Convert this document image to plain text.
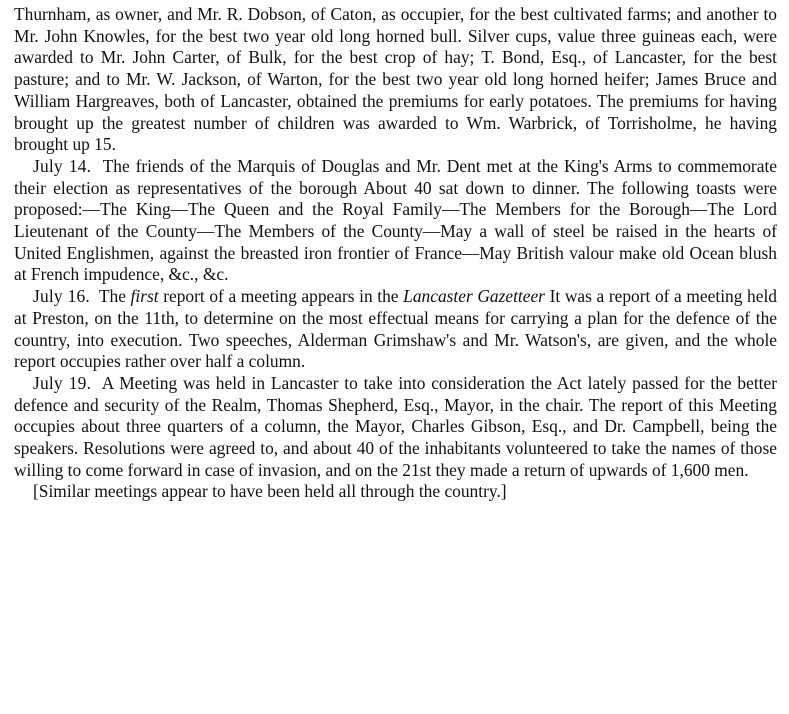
Thurnham, as owner, and Mr. R. Dobson, of Caton, as occupier, for the best cultivated farms; and another to Mr. John Knowles, for the best two year old long horned bull. Silver cups, value three guineas each, were awarded to Mr. John Carter, of Bulk, for the best crop of hay; T. Bond, Esq., of Lancaster, for the best pasture; and to Mr. W. Jackson, of Warton, for the best two year old long horned heifer; James Bruce and William Hargreaves, both of Lancaster, obtained the premiums for early potatoes. The premiums for having brought up the greatest number of children was awarded to Wm. Warbrick, of Torrisholme, he having brought up 15.

July 14. The friends of the Marquis of Douglas and Mr. Dent met at the King's Arms to commemorate their election as representatives of the borough About 40 sat down to dinner. The following toasts were proposed:—The King—The Queen and the Royal Family—The Members for the Borough—The Lord Lieutenant of the County—The Members of the County—May a wall of steel be raised in the hearts of United Englishmen, against the breasted iron frontier of France—May British valour make old Ocean blush at French impudence, &c., &c.

July 16. The first report of a meeting appears in the Lancaster Gazetteer It was a report of a meeting held at Preston, on the 11th, to determine on the most effectual means for carrying a plan for the defence of the country, into execution. Two speeches, Alderman Grimshaw's and Mr. Watson's, are given, and the whole report occupies rather over half a column.

July 19. A Meeting was held in Lancaster to take into consideration the Act lately passed for the better defence and security of the Realm, Thomas Shepherd, Esq., Mayor, in the chair. The report of this Meeting occupies about three quarters of a column, the Mayor, Charles Gibson, Esq., and Dr. Campbell, being the speakers. Resolutions were agreed to, and about 40 of the inhabitants volunteered to take the names of those willing to come forward in case of invasion, and on the 21st they made a return of upwards of 1,600 men.

[Similar meetings appear to have been held all through the country.]
